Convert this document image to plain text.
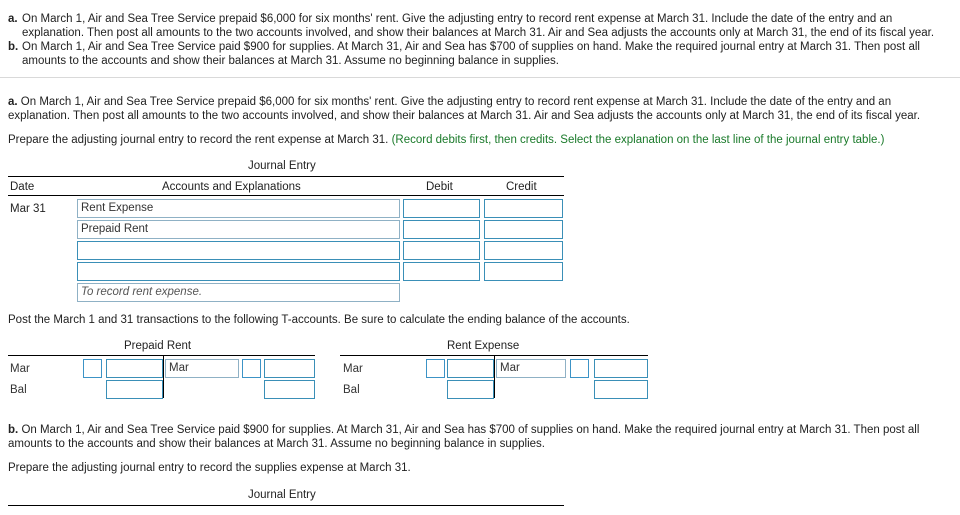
a. On March 1, Air and Sea Tree Service prepaid $6,000 for six months' rent. Give the adjusting entry to record rent expense at March 31. Include the date of the entry and an explanation. Then post all amounts to the two accounts involved, and show their balances at March 31. Air and Sea adjusts the accounts only at March 31, the end of its fiscal year.
b. On March 1, Air and Sea Tree Service paid $900 for supplies. At March 31, Air and Sea has $700 of supplies on hand. Make the required journal entry at March 31. Then post all amounts to the accounts and show their balances at March 31. Assume no beginning balance in supplies.
a. On March 1, Air and Sea Tree Service prepaid $6,000 for six months' rent. Give the adjusting entry to record rent expense at March 31. Include the date of the entry and an explanation. Then post all amounts to the two accounts involved, and show their balances at March 31. Air and Sea adjusts the accounts only at March 31, the end of its fiscal year.
Prepare the adjusting journal entry to record the rent expense at March 31. (Record debits first, then credits. Select the explanation on the last line of the journal entry table.)
Journal Entry
Date	Accounts and Explanations	Debit	Credit
Mar 31	Rent Expense
Prepaid Rent
To record rent expense.
Post the March 1 and 31 transactions to the following T-accounts. Be sure to calculate the ending balance of the accounts.
Prepaid Rent
Mar	Mar
Bal
Rent Expense
Mar	Mar
Bal
b. On March 1, Air and Sea Tree Service paid $900 for supplies. At March 31, Air and Sea has $700 of supplies on hand. Make the required journal entry at March 31. Then post all amounts to the accounts and show their balances at March 31. Assume no beginning balance in supplies.
Prepare the adjusting journal entry to record the supplies expense at March 31.
Journal Entry
